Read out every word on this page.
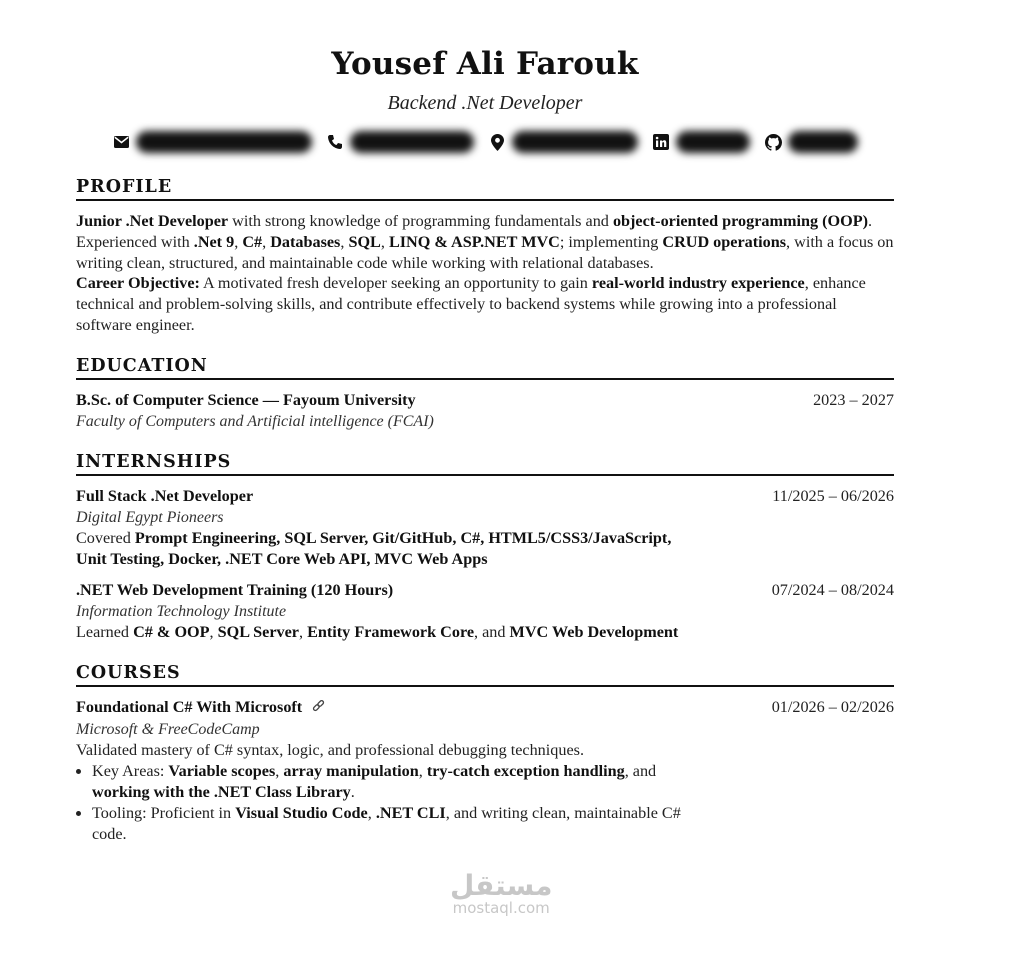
Yousef Ali Farouk
Backend .Net Developer
PROFILE
Junior .Net Developer with strong knowledge of programming fundamentals and object-oriented programming (OOP). Experienced with .Net 9, C#, Databases, SQL, LINQ & ASP.NET MVC; implementing CRUD operations, with a focus on writing clean, structured, and maintainable code while working with relational databases.
Career Objective: A motivated fresh developer seeking an opportunity to gain real-world industry experience, enhance technical and problem-solving skills, and contribute effectively to backend systems while growing into a professional software engineer.
EDUCATION
B.Sc. of Computer Science — Fayoum University	2023 – 2027
Faculty of Computers and Artificial intelligence (FCAI)
INTERNSHIPS
Full Stack .Net Developer	11/2025 – 06/2026
Digital Egypt Pioneers
Covered Prompt Engineering, SQL Server, Git/GitHub, C#, HTML5/CSS3/JavaScript, Unit Testing, Docker, .NET Core Web API, MVC Web Apps
.NET Web Development Training (120 Hours)	07/2024 – 08/2024
Information Technology Institute
Learned C# & OOP, SQL Server, Entity Framework Core, and MVC Web Development
COURSES
Foundational C# With Microsoft	01/2026 – 02/2026
Microsoft & FreeCodeCamp
Validated mastery of C# syntax, logic, and professional debugging techniques.
• Key Areas: Variable scopes, array manipulation, try-catch exception handling, and working with the .NET Class Library.
• Tooling: Proficient in Visual Studio Code, .NET CLI, and writing clean, maintainable C# code.
مستقل
mostaql.com
